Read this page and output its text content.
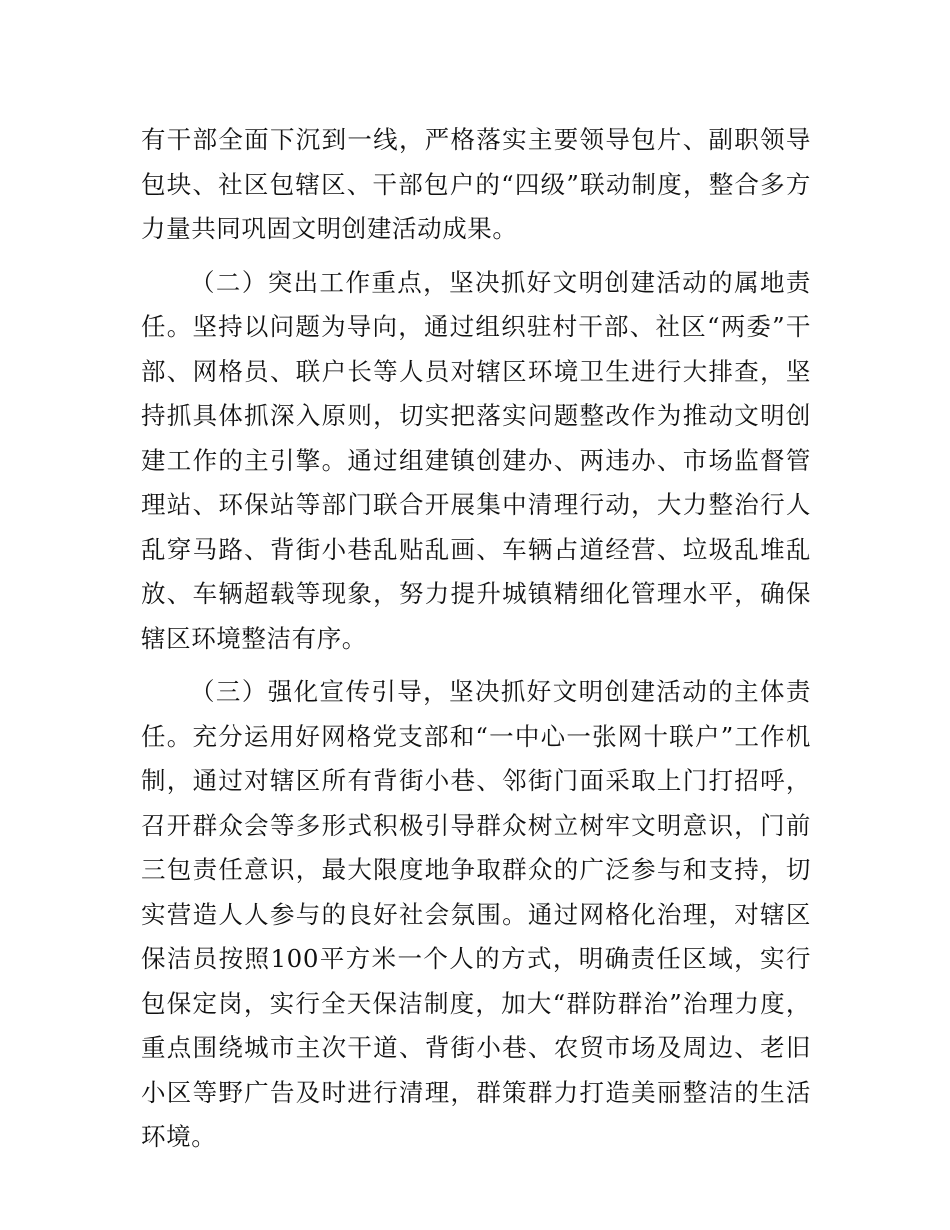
有干部全面下沉到一线，严格落实主要领导包片、副职领导包块、社区包辖区、干部包户的“四级”联动制度，整合多方力量共同巩固文明创建活动成果。

（二）突出工作重点，坚决抓好文明创建活动的属地责任。坚持以问题为导向，通过组织驻村干部、社区“两委”干部、网格员、联户长等人员对辖区环境卫生进行大排查，坚持抓具体抓深入原则，切实把落实问题整改作为推动文明创建工作的主引擎。通过组建镇创建办、两违办、市场监督管理站、环保站等部门联合开展集中清理行动，大力整治行人乱穿马路、背街小巷乱贴乱画、车辆占道经营、垃圾乱堆乱放、车辆超载等现象，努力提升城镇精细化管理水平，确保辖区环境整洁有序。

（三）强化宣传引导，坚决抓好文明创建活动的主体责任。充分运用好网格党支部和“一中心一张网十联户”工作机制，通过对辖区所有背街小巷、邻街门面采取上门打招呼，召开群众会等多形式积极引导群众树立树牢文明意识，门前三包责任意识，最大限度地争取群众的广泛参与和支持，切实营造人人参与的良好社会氛围。通过网格化治理，对辖区保洁员按照100平方米一个人的方式，明确责任区域，实行包保定岗，实行全天保洁制度，加大“群防群治”治理力度，重点围绕城市主次干道、背街小巷、农贸市场及周边、老旧小区等野广告及时进行清理，群策群力打造美丽整洁的生活环境。
